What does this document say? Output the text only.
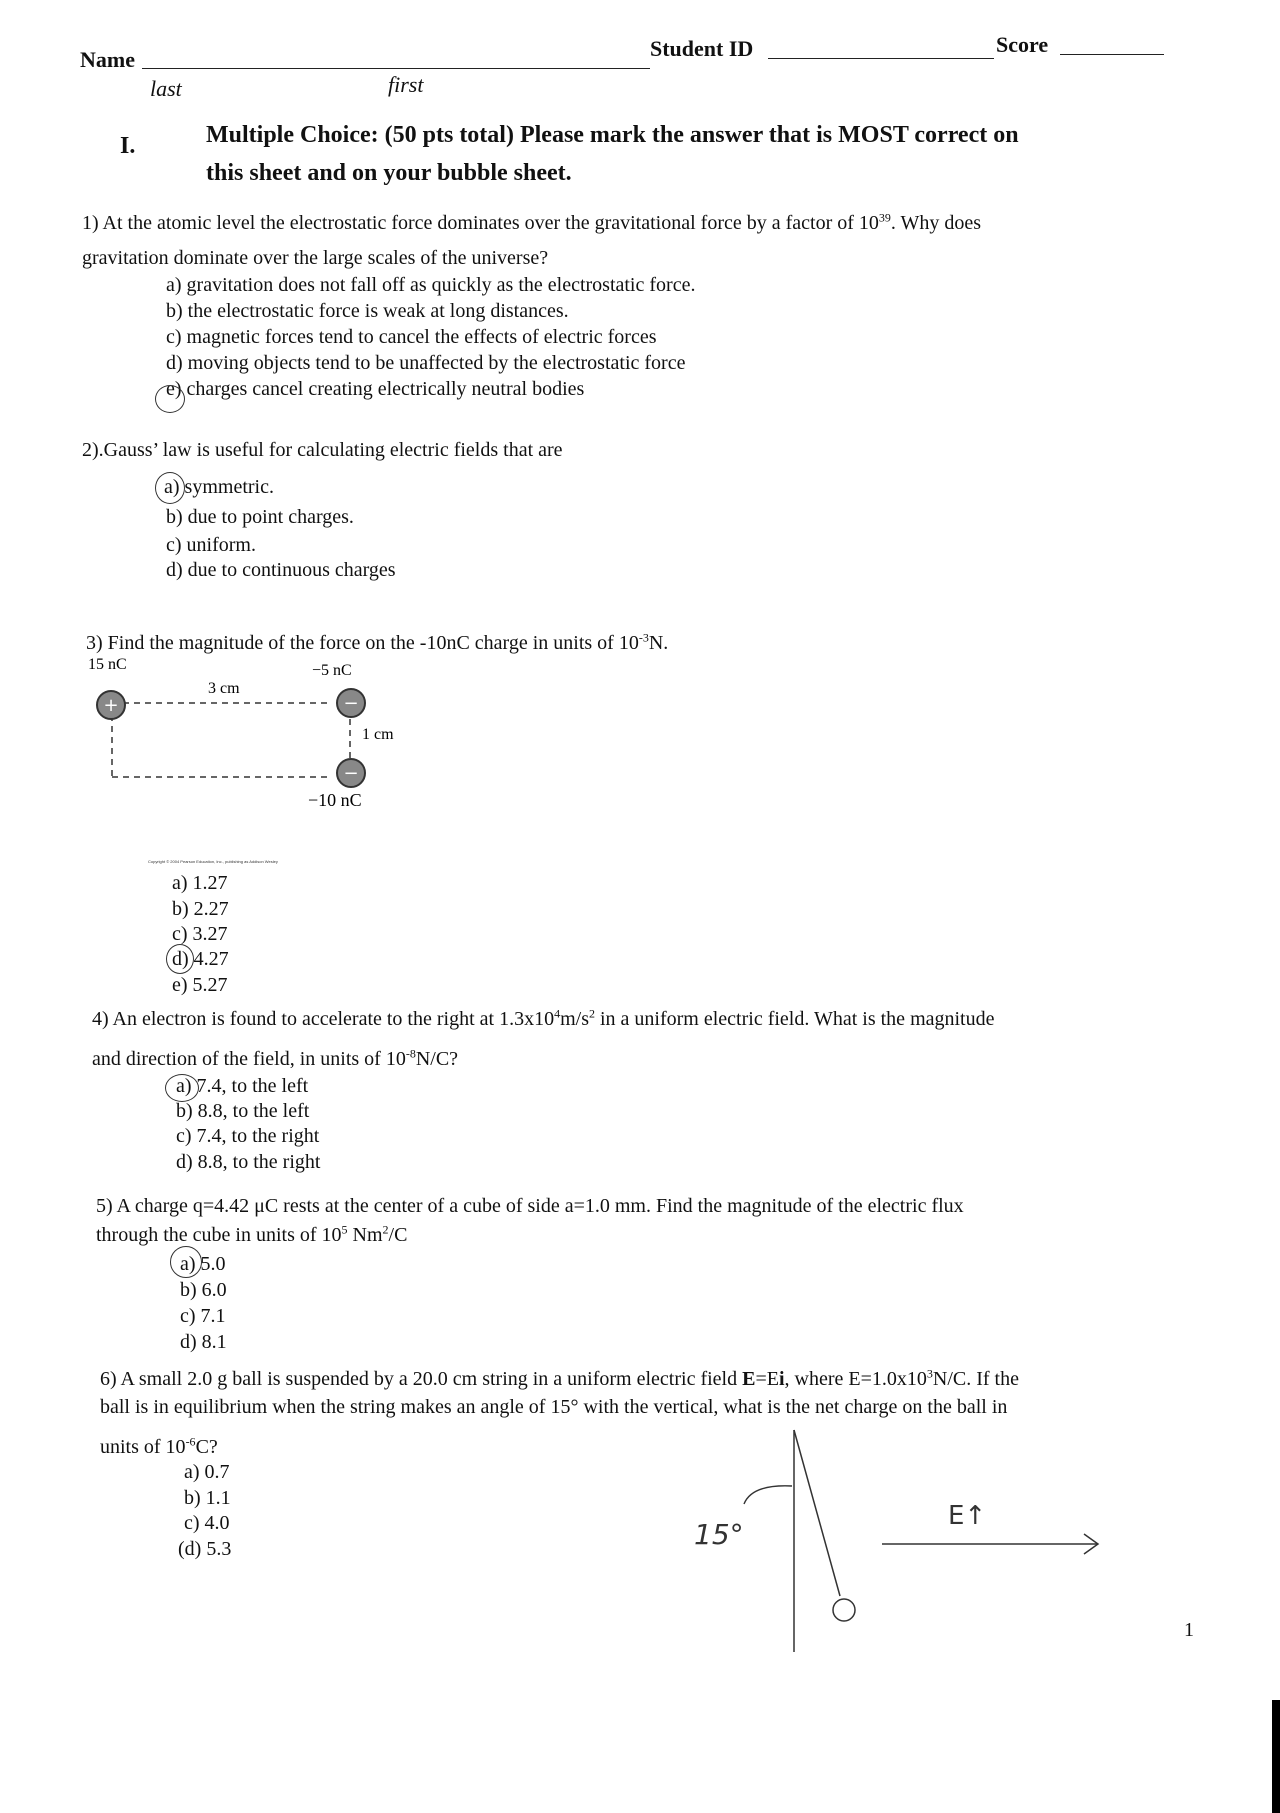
Name
last	first
Student ID	Score
I.	Multiple Choice: (50 pts total) Please mark the answer that is MOST correct on
this sheet and on your bubble sheet.
1) At the atomic level the electrostatic force dominates over the gravitational force by a factor of $10^{39}$. Why does
gravitation dominate over the large scales of the universe?
a) gravitation does not fall off as quickly as the electrostatic force.
b) the electrostatic force is weak at long distances.
c) magnetic forces tend to cancel the effects of electric forces
d) moving objects tend to be unaffected by the electrostatic force
e) charges cancel creating electrically neutral bodies
2).Gauss’ law is useful for calculating electric fields that are
a) symmetric.
b) due to point charges.
c) uniform.
d) due to continuous charges
3) Find the magnitude of the force on the -10nC charge in units of $10^{-3}N$.
15 nC	−5 nC
3 cm
1 cm
−10 nC
+	−
−
Copyright © 2004 Pearson Education, Inc., publishing as Addison Wesley
a) 1.27
b) 2.27
c) 3.27
d) 4.27
e) 5.27
4) An electron is found to accelerate to the right at $1.3x10^4m/s^2$ in a uniform electric field. What is the magnitude
and direction of the field, in units of $10^{-8}N/C$?
a) 7.4, to the left
b) 8.8, to the left
c) 7.4, to the right
d) 8.8, to the right
5) A charge q=4.42 μC rests at the center of a cube of side a=1.0 mm. Find the magnitude of the electric flux
through the cube in units of $10^5$ Nm$^2$/C
a) 5.0
b) 6.0
c) 7.1
d) 8.1
6) A small 2.0 g ball is suspended by a 20.0 cm string in a uniform electric field E=Ei, where $E=1.0x10^3N/C$. If the
ball is in equilibrium when the string makes an angle of 15° with the vertical, what is the net charge on the ball in
units of $10^{-6}C$?
a) 0.7
b) 1.1
c) 4.0
(d) 5.3	15°
E↑
1
